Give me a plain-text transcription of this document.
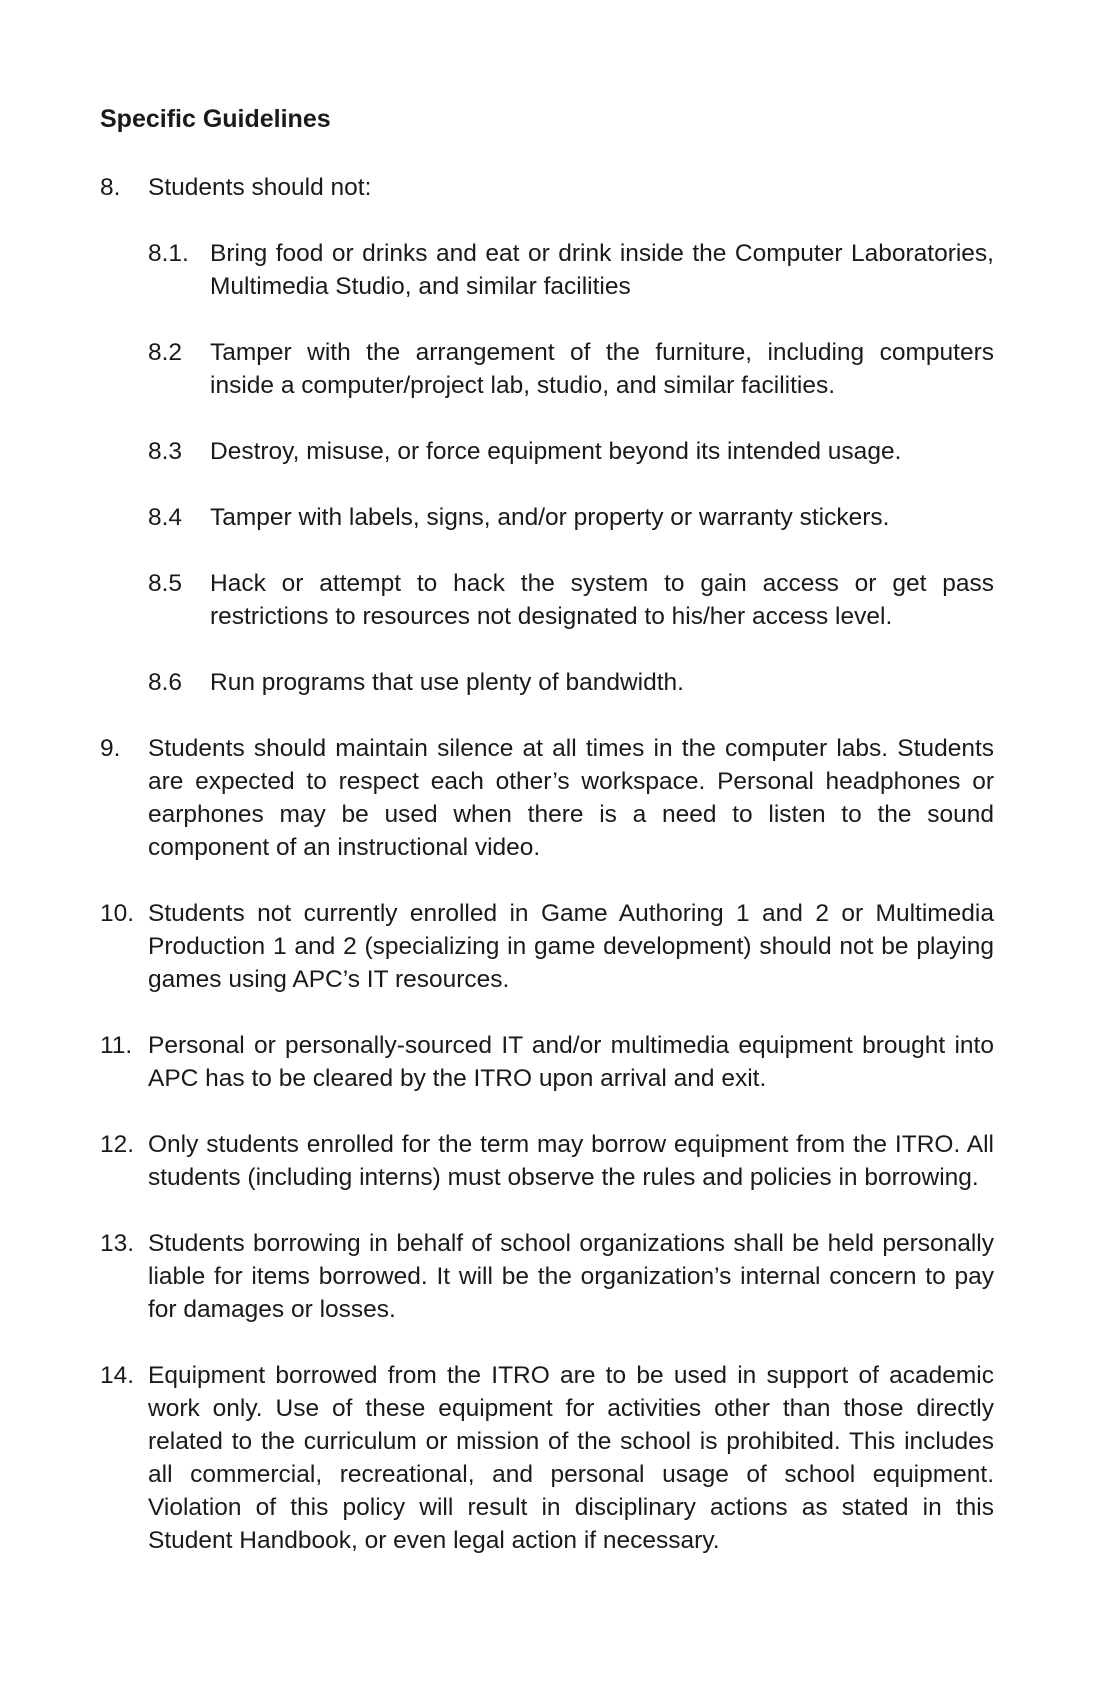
Specific Guidelines
8.	Students should not:
8.1. Bring food or drinks and eat or drink inside the Computer Laboratories, Multimedia Studio, and similar facilities
8.2	Tamper with the arrangement of the furniture, including computers inside a computer/project lab, studio, and similar facilities.
8.3	Destroy, misuse, or force equipment beyond its intended usage.
8.4	Tamper with labels, signs, and/or property or warranty stickers.
8.5	Hack or attempt to hack the system to gain access or get pass restrictions to resources not designated to his/her access level.
8.6	Run programs that use plenty of bandwidth.
9.	Students should maintain silence at all times in the computer labs. Students are expected to respect each other’s workspace. Personal headphones or earphones may be used when there is a need to listen to the sound component of an instructional video.
10. Students not currently enrolled in Game Authoring 1 and 2 or Multimedia Production 1 and 2 (specializing in game development) should not be playing games using APC’s IT resources.
11. Personal or personally-sourced IT and/or multimedia equipment brought into APC has to be cleared by the ITRO upon arrival and exit.
12. Only students enrolled for the term may borrow equipment from the ITRO. All students (including interns) must observe the rules and policies in borrowing.
13. Students borrowing in behalf of school organizations shall be held personally liable for items borrowed. It will be the organization’s internal concern to pay for damages or losses.
14. Equipment borrowed from the ITRO are to be used in support of academic work only. Use of these equipment for activities other than those directly related to the curriculum or mission of the school is prohibited. This includes all commercial, recreational, and personal usage of school equipment. Violation of this policy will result in disciplinary actions as stated in this Student Handbook, or even legal action if necessary.
